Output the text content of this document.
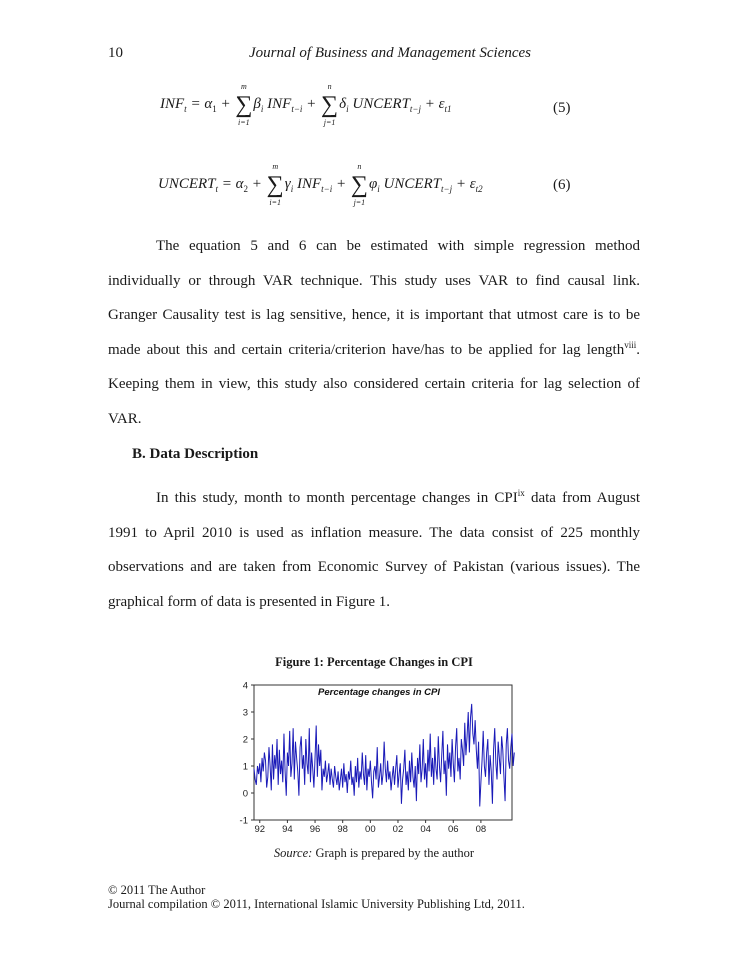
10	Journal of Business and Management Sciences
$INF_t = \alpha_1$ + ∑
m
i=1
$\beta_i$ $INF_{t-i}$ + ∑
n
j=1
$\delta_i$ $UNCERT_{t-j} + \varepsilon_{t1}$	(5)
$UNCERT_t = \alpha_2$ + ∑
m
i=1
$\gamma_i$ $INF_{t-i}$ + ∑
n
j=1
$\varphi_i$ $UNCERT_{t-j} + \varepsilon_{t2}$	(6)

The equation 5 and 6 can be estimated with simple regression method individually or through VAR technique. This study uses VAR to find causal link. Granger Causality test is lag sensitive, hence, it is important that utmost care is to be made about this and certain criteria/criterion have/has to be applied for lag length$^{viii}$. Keeping them in view, this study also considered certain criteria for lag selection of VAR.

B. Data Description

In this study, month to month percentage changes in CPI$^{ix}$ data from August 1991 to April 2010 is used as inflation measure. The data consist of 225 monthly observations and are taken from Economic Survey of Pakistan (various issues). The graphical form of data is presented in Figure 1.

Figure 1: Percentage Changes in CPI
-1
0
1
2
3
4
92 94 96 98 00 02 04 06 08
Percentage changes in CPI
Source: Graph is prepared by the author
© 2011 The Author
Journal compilation © 2011, International Islamic University Publishing Ltd, 2011.
